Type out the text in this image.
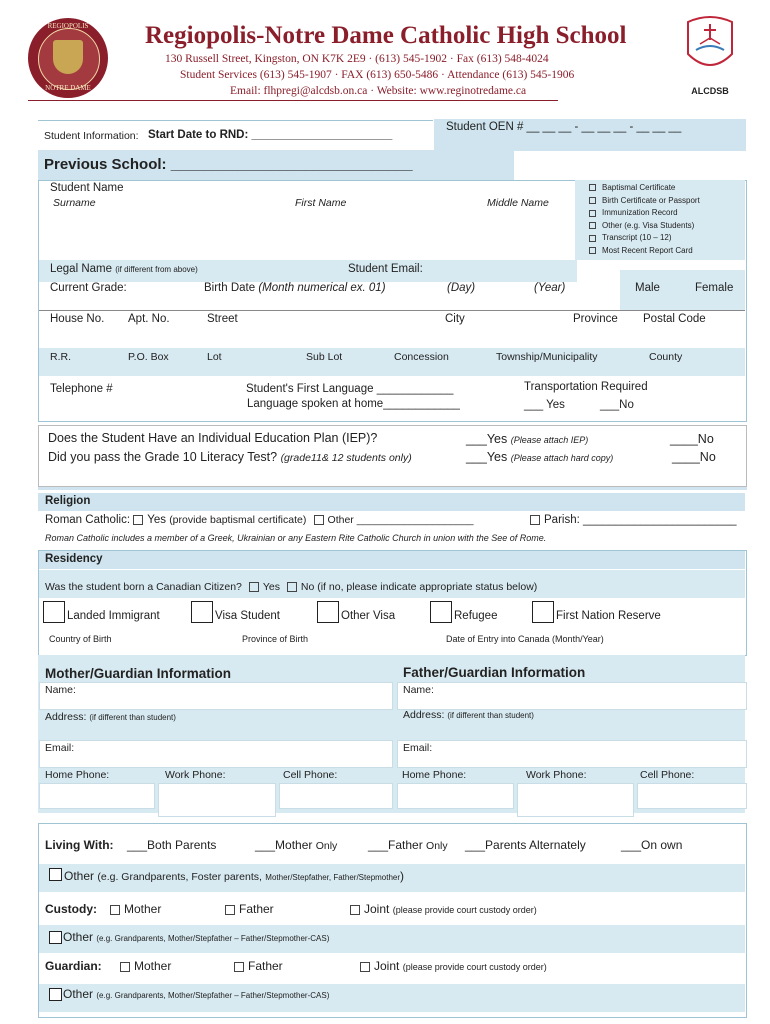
REGIOPOLIS
NOTRE DAME
Regiopolis-Notre Dame Catholic High School
130 Russell Street, Kingston, ON K7K 2E9 · (613) 545-1902 · Fax (613) 548-4024
Student Services (613) 545-1907 · FAX (613) 650-5486 · Attendance (613) 545-1906
Email: flhpregi@alcdsb.on.ca · Website: www.reginotredame.ca	ALCDSB
Student Information: Start Date to RND: ______________________
Student OEN # __ __ __ - __ __ __ - __ __ __
Previous School: _____________________________
Student Name
Surname	First Name	Middle Name
Baptismal Certificate
Birth Certificate or Passport
Immunization Record
Other (e.g. Visa Students)
Transcript (10 – 12)
Most Recent Report Card
Legal Name (if different from above)	Student Email:
Current Grade:	Birth Date (Month numerical ex. 01)	(Day)	(Year)	Male	Female
House No. Apt. No.	Street	City	Province Postal Code
R.R.	P.O. Box	Lot	Sub Lot	Concession	Township/Municipality	County
Telephone #	Student's First Language ____________
Language spoken at home____________
Transportation Required
___ Yes	___No
Does the Student Have an Individual Education Plan (IEP)?	___Yes (Please attach IEP)	____No
Did you pass the Grade 10 Literacy Test? (grade11& 12 students only)	___Yes (Please attach hard copy)	____No
Religion
Roman Catholic: Yes (provide baptismal certificate) Other ____________________	Parish: ________________________
Roman Catholic includes a member of a Greek, Ukrainian or any Eastern Rite Catholic Church in union with the See of Rome.
Residency
Was the student born a Canadian Citizen? Yes No (if no, please indicate appropriate status below)
Landed Immigrant	Visa Student	Other Visa	Refugee	First Nation Reserve
Country of Birth	Province of Birth	Date of Entry into Canada (Month/Year)
Mother/Guardian Information	Father/Guardian Information
Name:	Name:
Address: (if different than student)	Address: (if different than student)
Email:	Email:
Home Phone:	Work Phone:	Cell Phone:	Home Phone:	Work Phone:	Cell Phone:
Living With: ___Both Parents	___Mother Only	___Father Only ___Parents Alternately	___On own
Other (e.g. Grandparents, Foster parents, Mother/Stepfather, Father/Stepmother)
Custody:	Mother	Father	Joint (please provide court custody order)
Other (e.g. Grandparents, Mother/Stepfather – Father/Stepmother-CAS)
Guardian:	Mother	Father	Joint (please provide court custody order)
Other (e.g. Grandparents, Mother/Stepfather – Father/Stepmother-CAS)
